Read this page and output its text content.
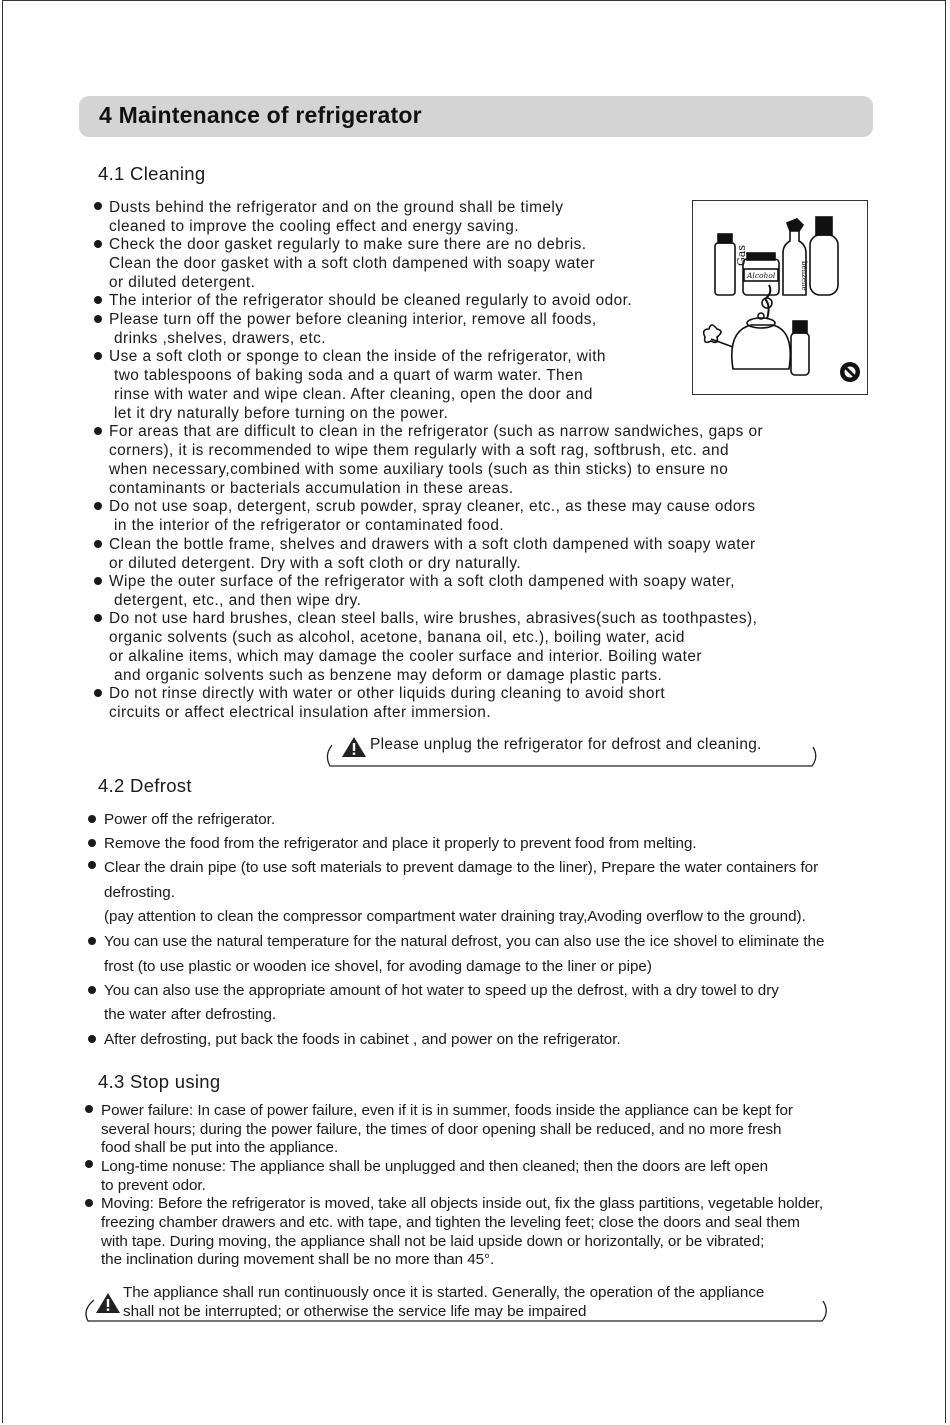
4 Maintenance of refrigerator
4.1 Cleaning
Dusts behind the refrigerator and on the ground shall be timely
cleaned to improve the cooling effect and energy saving.
Check the door gasket regularly to make sure there are no debris.
Clean the door gasket with a soft cloth dampened with soapy water
or diluted detergent.
The interior of the refrigerator should be cleaned regularly to avoid odor.
Please turn off the power before cleaning interior, remove all foods,
drinks ,shelves, drawers, etc.
Use a soft cloth or sponge to clean the inside of the refrigerator, with
two tablespoons of baking soda and a quart of warm water. Then
rinse with water and wipe clean. After cleaning, open the door and
let it dry naturally before turning on the power.
For areas that are difficult to clean in the refrigerator (such as narrow sandwiches, gaps or
corners), it is recommended to wipe them regularly with a soft rag, softbrush, etc. and
when necessary,combined with some auxiliary tools (such as thin sticks) to ensure no
contaminants or bacterials accumulation in these areas.
Do not use soap, detergent, scrub powder, spray cleaner, etc., as these may cause odors
in the interior of the refrigerator or contaminated food.
Clean the bottle frame, shelves and drawers with a soft cloth dampened with soapy water
or diluted detergent. Dry with a soft cloth or dry naturally.
Wipe the outer surface of the refrigerator with a soft cloth dampened with soapy water,
detergent, etc., and then wipe dry.
Do not use hard brushes, clean steel balls, wire brushes, abrasives(such as toothpastes),
organic solvents (such as alcohol, acetone, banana oil, etc.), boiling water, acid
or alkaline items, which may damage the cooler surface and interior. Boiling water
and organic solvents such as benzene may deform or damage plastic parts.
Do not rinse directly with water or other liquids during cleaning to avoid short
circuits or affect electrical insulation after immersion.
Gas
Alcohol	benzene
Please unplug the refrigerator for defrost and cleaning.
4.2 Defrost
Power off the refrigerator.
Remove the food from the refrigerator and place it properly to prevent food from melting.
Clear the drain pipe (to use soft materials to prevent damage to the liner), Prepare the water containers for
defrosting.
(pay attention to clean the compressor compartment water draining tray,Avoding overflow to the ground).
You can use the natural temperature for the natural defrost, you can also use the ice shovel to eliminate the
frost (to use plastic or wooden ice shovel, for avoding damage to the liner or pipe)
You can also use the appropriate amount of hot water to speed up the defrost, with a dry towel to dry
the water after defrosting.
After defrosting, put back the foods in cabinet , and power on the refrigerator.
4.3 Stop using
Power failure: In case of power failure, even if it is in summer, foods inside the appliance can be kept for
several hours; during the power failure, the times of door opening shall be reduced, and no more fresh
food shall be put into the appliance.
Long-time nonuse: The appliance shall be unplugged and then cleaned; then the doors are left open
to prevent odor.
Moving: Before the refrigerator is moved, take all objects inside out, fix the glass partitions, vegetable holder,
freezing chamber drawers and etc. with tape, and tighten the leveling feet; close the doors and seal them
with tape. During moving, the appliance shall not be laid upside down or horizontally, or be vibrated;
the inclination during movement shall be no more than 45°.
The appliance shall run continuously once it is started. Generally, the operation of the appliance
shall not be interrupted; or otherwise the service life may be impaired
